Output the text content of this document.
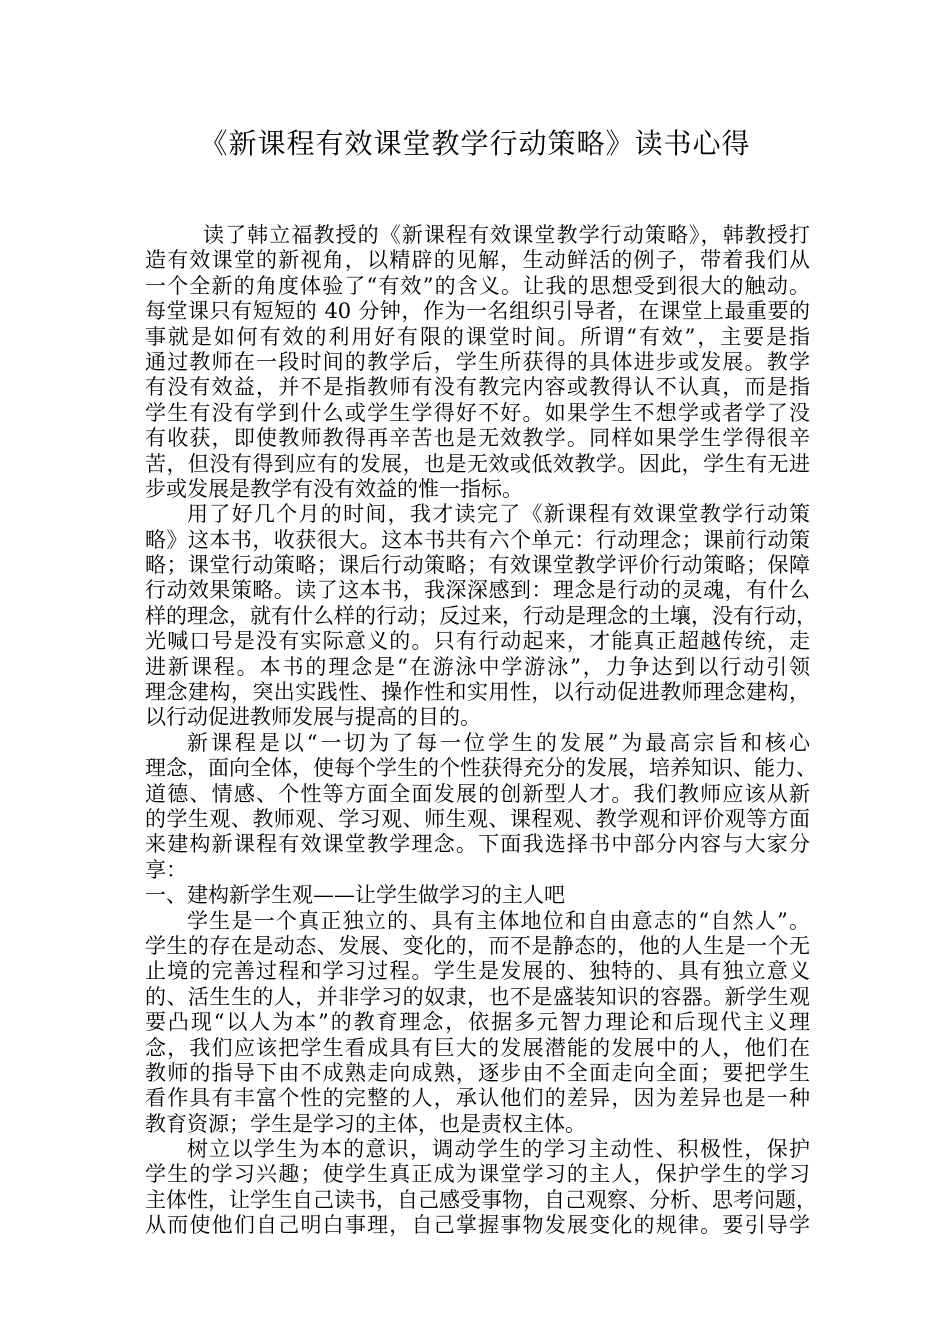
《新课程有效课堂教学行动策略》读书心得
读了韩立福教授的《新课程有效课堂教学行动策略》，韩教授打
造有效课堂的新视角，以精辟的见解，生动鲜活的例子，带着我们从
一个全新的角度体验了“有效”的含义。让我的思想受到很大的触动。
每堂课只有短短的 40 分钟，作为一名组织引导者，在课堂上最重要的
事就是如何有效的利用好有限的课堂时间。所谓“有效”，主要是指
通过教师在一段时间的教学后，学生所获得的具体进步或发展。教学
有没有效益，并不是指教师有没有教完内容或教得认不认真，而是指
学生有没有学到什么或学生学得好不好。如果学生不想学或者学了没
有收获，即使教师教得再辛苦也是无效教学。同样如果学生学得很辛
苦，但没有得到应有的发展，也是无效或低效教学。因此，学生有无进
步或发展是教学有没有效益的惟一指标。
用了好几个月的时间，我才读完了《新课程有效课堂教学行动策
略》这本书，收获很大。这本书共有六个单元：行动理念；课前行动策
略；课堂行动策略；课后行动策略；有效课堂教学评价行动策略；保障
行动效果策略。读了这本书，我深深感到：理念是行动的灵魂，有什么
样的理念，就有什么样的行动；反过来，行动是理念的土壤，没有行动，
光喊口号是没有实际意义的。只有行动起来，才能真正超越传统，走
进新课程。本书的理念是“在游泳中学游泳”，力争达到以行动引领
理念建构，突出实践性、操作性和实用性，以行动促进教师理念建构，
以行动促进教师发展与提高的目的。
新课程是以“一切为了每一位学生的发展”为最高宗旨和核心
理念，面向全体，使每个学生的个性获得充分的发展，培养知识、能力、
道德、情感、个性等方面全面发展的创新型人才。我们教师应该从新
的学生观、教师观、学习观、师生观、课程观、教学观和评价观等方面
来建构新课程有效课堂教学理念。下面我选择书中部分内容与大家分
享：
一、建构新学生观——让学生做学习的主人吧
学生是一个真正独立的、具有主体地位和自由意志的“自然人”。
学生的存在是动态、发展、变化的，而不是静态的，他的人生是一个无
止境的完善过程和学习过程。学生是发展的、独特的、具有独立意义
的、活生生的人，并非学习的奴隶，也不是盛装知识的容器。新学生观
要凸现“以人为本”的教育理念，依据多元智力理论和后现代主义理
念，我们应该把学生看成具有巨大的发展潜能的发展中的人，他们在
教师的指导下由不成熟走向成熟，逐步由不全面走向全面；要把学生
看作具有丰富个性的完整的人，承认他们的差异，因为差异也是一种
教育资源；学生是学习的主体，也是责权主体。
树立以学生为本的意识，调动学生的学习主动性、积极性，保护
学生的学习兴趣；使学生真正成为课堂学习的主人，保护学生的学习
主体性，让学生自己读书，自己感受事物，自己观察、分析、思考问题，
从而使他们自己明白事理，自己掌握事物发展变化的规律。要引导学
